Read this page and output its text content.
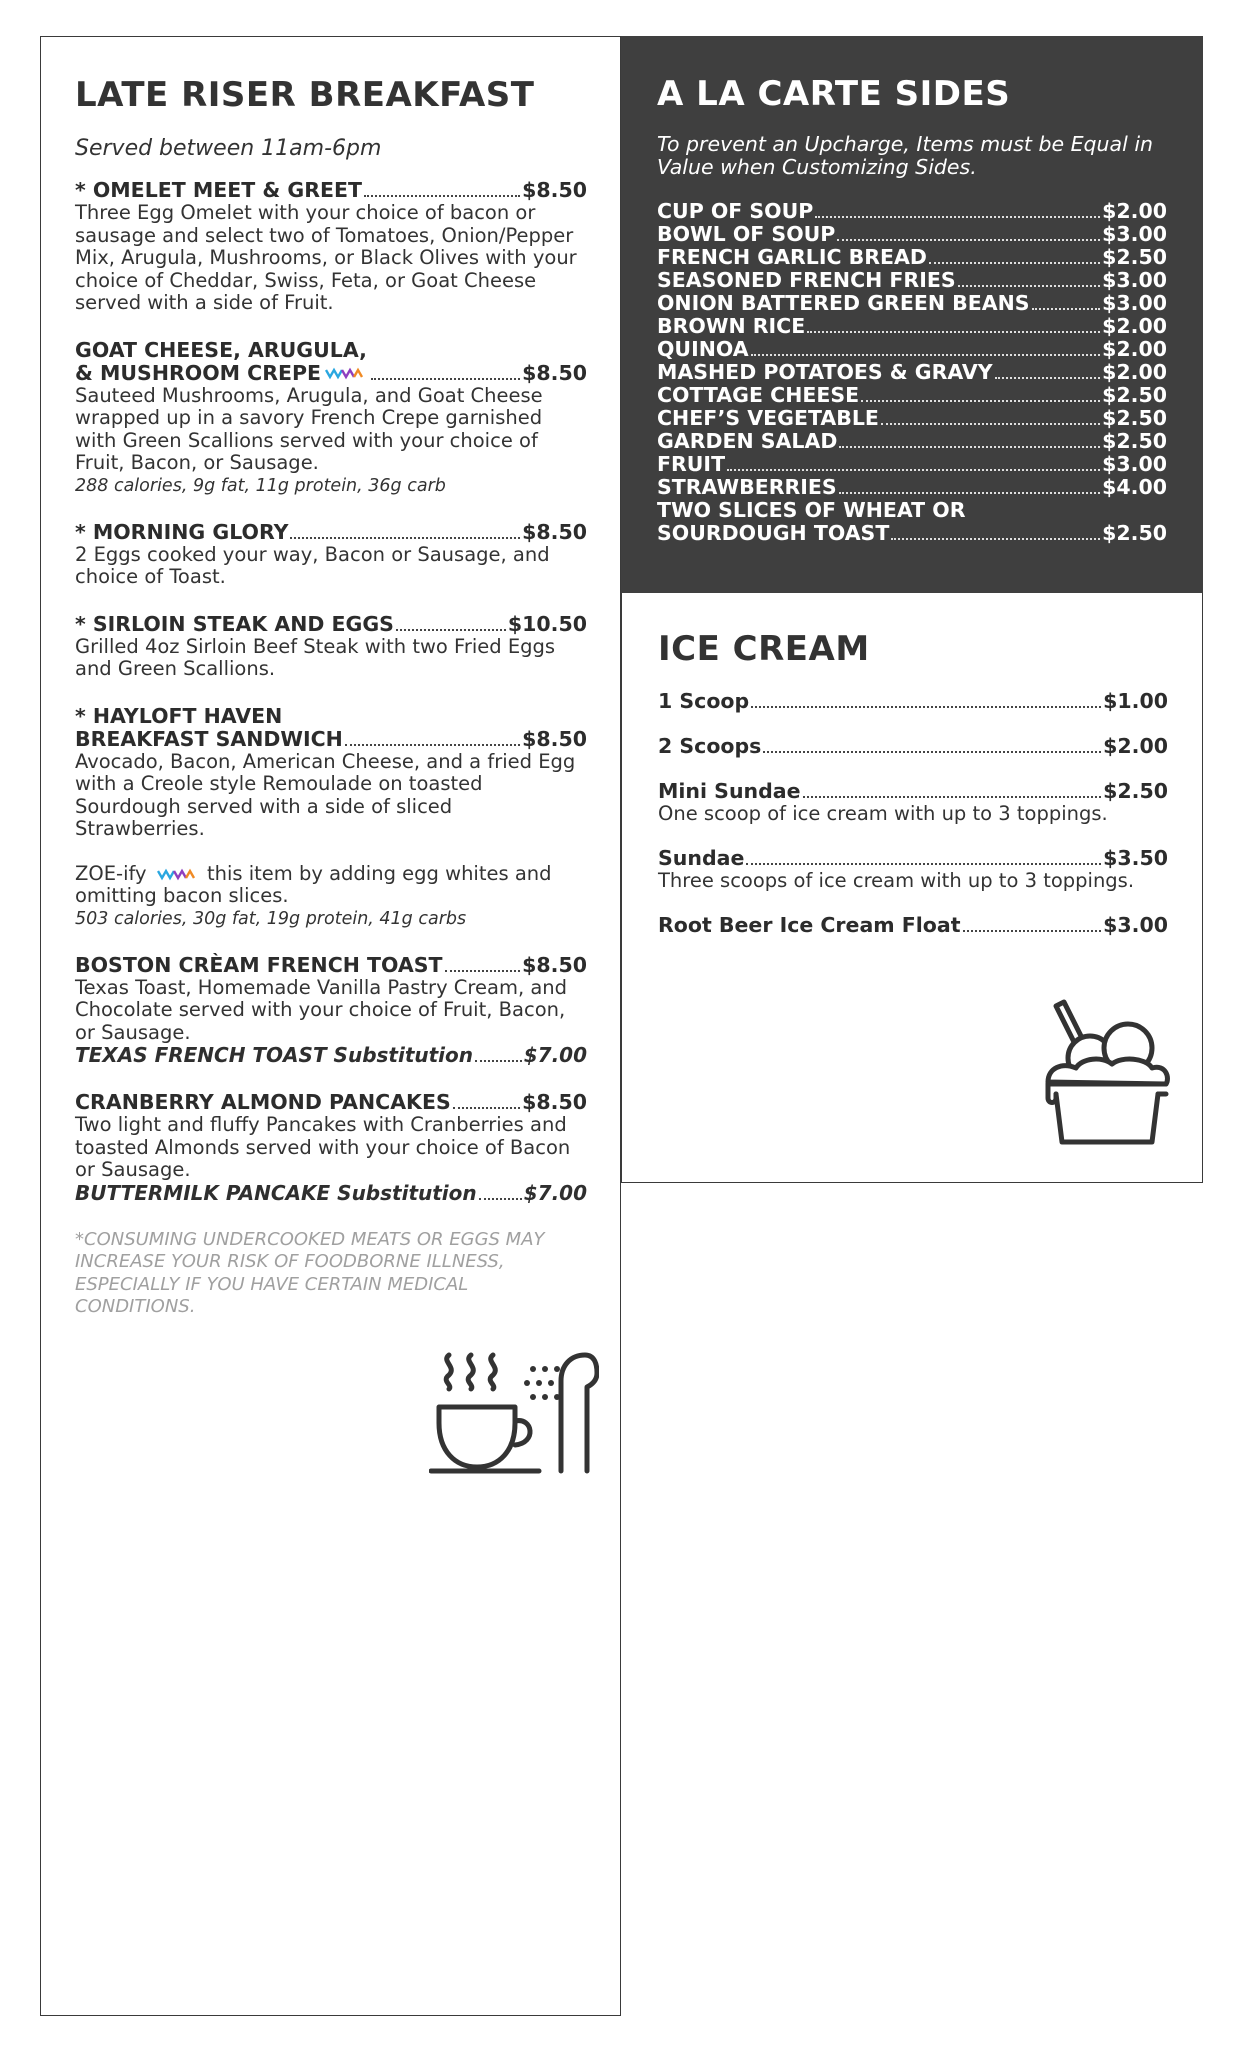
LATE RISER BREAKFAST
Served between 11am-6pm
* OMELET MEET & GREET	$8.50
Three Egg Omelet with your choice of bacon or sausage and select two of Tomatoes, Onion/Pepper Mix, Arugula, Mushrooms, or Black Olives with your choice of Cheddar, Swiss, Feta, or Goat Cheese served with a side of Fruit.
GOAT CHEESE, ARUGULA,
& MUSHROOM CREPE	$8.50
Sauteed Mushrooms, Arugula, and Goat Cheese wrapped up in a savory French Crepe garnished with Green Scallions served with your choice of Fruit, Bacon, or Sausage.
288 calories, 9g fat, 11g protein, 36g carb
* MORNING GLORY	$8.50
2 Eggs cooked your way, Bacon or Sausage, and choice of Toast.
* SIRLOIN STEAK AND EGGS	$10.50
Grilled 4oz Sirloin Beef Steak with two Fried Eggs and Green Scallions.
* HAYLOFT HAVEN
BREAKFAST SANDWICH	$8.50
Avocado, Bacon, American Cheese, and a fried Egg with a Creole style Remoulade on toasted Sourdough served with a side of sliced Strawberries.
ZOE-ify	this item by adding egg whites and omitting bacon slices.
503 calories, 30g fat, 19g protein, 41g carbs
BOSTON CRÈAM FRENCH TOAST	$8.50
Texas Toast, Homemade Vanilla Pastry Cream, and Chocolate served with your choice of Fruit, Bacon, or Sausage.
TEXAS FRENCH TOAST Substitution	$7.00
CRANBERRY ALMOND PANCAKES	$8.50
Two light and fluffy Pancakes with Cranberries and toasted Almonds served with your choice of Bacon or Sausage.
BUTTERMILK PANCAKE Substitution $7.00
*CONSUMING UNDERCOOKED MEATS OR EGGS MAY INCREASE YOUR RISK OF FOODBORNE ILLNESS, ESPECIALLY IF YOU HAVE CERTAIN MEDICAL CONDITIONS.
A LA CARTE SIDES
To prevent an Upcharge, Items must be Equal in Value when Customizing Sides.
CUP OF SOUP	$2.00
BOWL OF SOUP	$3.00
FRENCH GARLIC BREAD	$2.50
SEASONED FRENCH FRIES	$3.00
ONION BATTERED GREEN BEANS	$3.00
BROWN RICE	$2.00
QUINOA	$2.00
MASHED POTATOES & GRAVY	$2.00
COTTAGE CHEESE	$2.50
CHEF’S VEGETABLE	$2.50
GARDEN SALAD	$2.50
FRUIT	$3.00
STRAWBERRIES	$4.00
TWO SLICES OF WHEAT OR
SOURDOUGH TOAST	$2.50
ICE CREAM
1 Scoop	$1.00
2 Scoops	$2.00
Mini Sundae	$2.50
One scoop of ice cream with up to 3 toppings.
Sundae	$3.50
Three scoops of ice cream with up to 3 toppings.
Root Beer Ice Cream Float	$3.00
